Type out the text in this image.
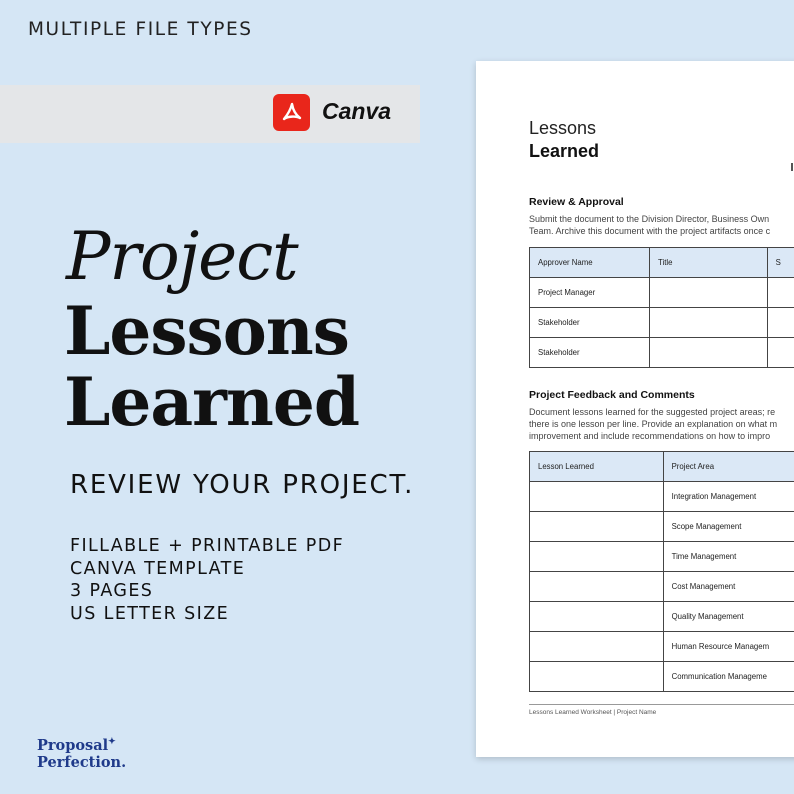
MULTIPLE FILE TYPES
Canva
Project
Lessons
Learned
REVIEW YOUR PROJECT.
FILLABLE + PRINTABLE PDF
CANVA TEMPLATE
3 PAGES
US LETTER SIZE
Proposal✦
Perfection.
Lessons
Learned
Review & Approval
Submit the document to the Division Director, Business Own
Team. Archive this document with the project artifacts once c
Approver Name	Title	S
Project Manager		
Stakeholder		
Stakeholder		
Project Feedback and Comments
Document lessons learned for the suggested project areas; re
there is one lesson per line. Provide an explanation on what m
improvement and include recommendations on how to impro
Lesson Learned	Project Area
	Integration Management
	Scope Management
	Time Management
	Cost Management
	Quality Management
	Human Resource Managem
	Communication Manageme
Lessons Learned Worksheet | Project Name
